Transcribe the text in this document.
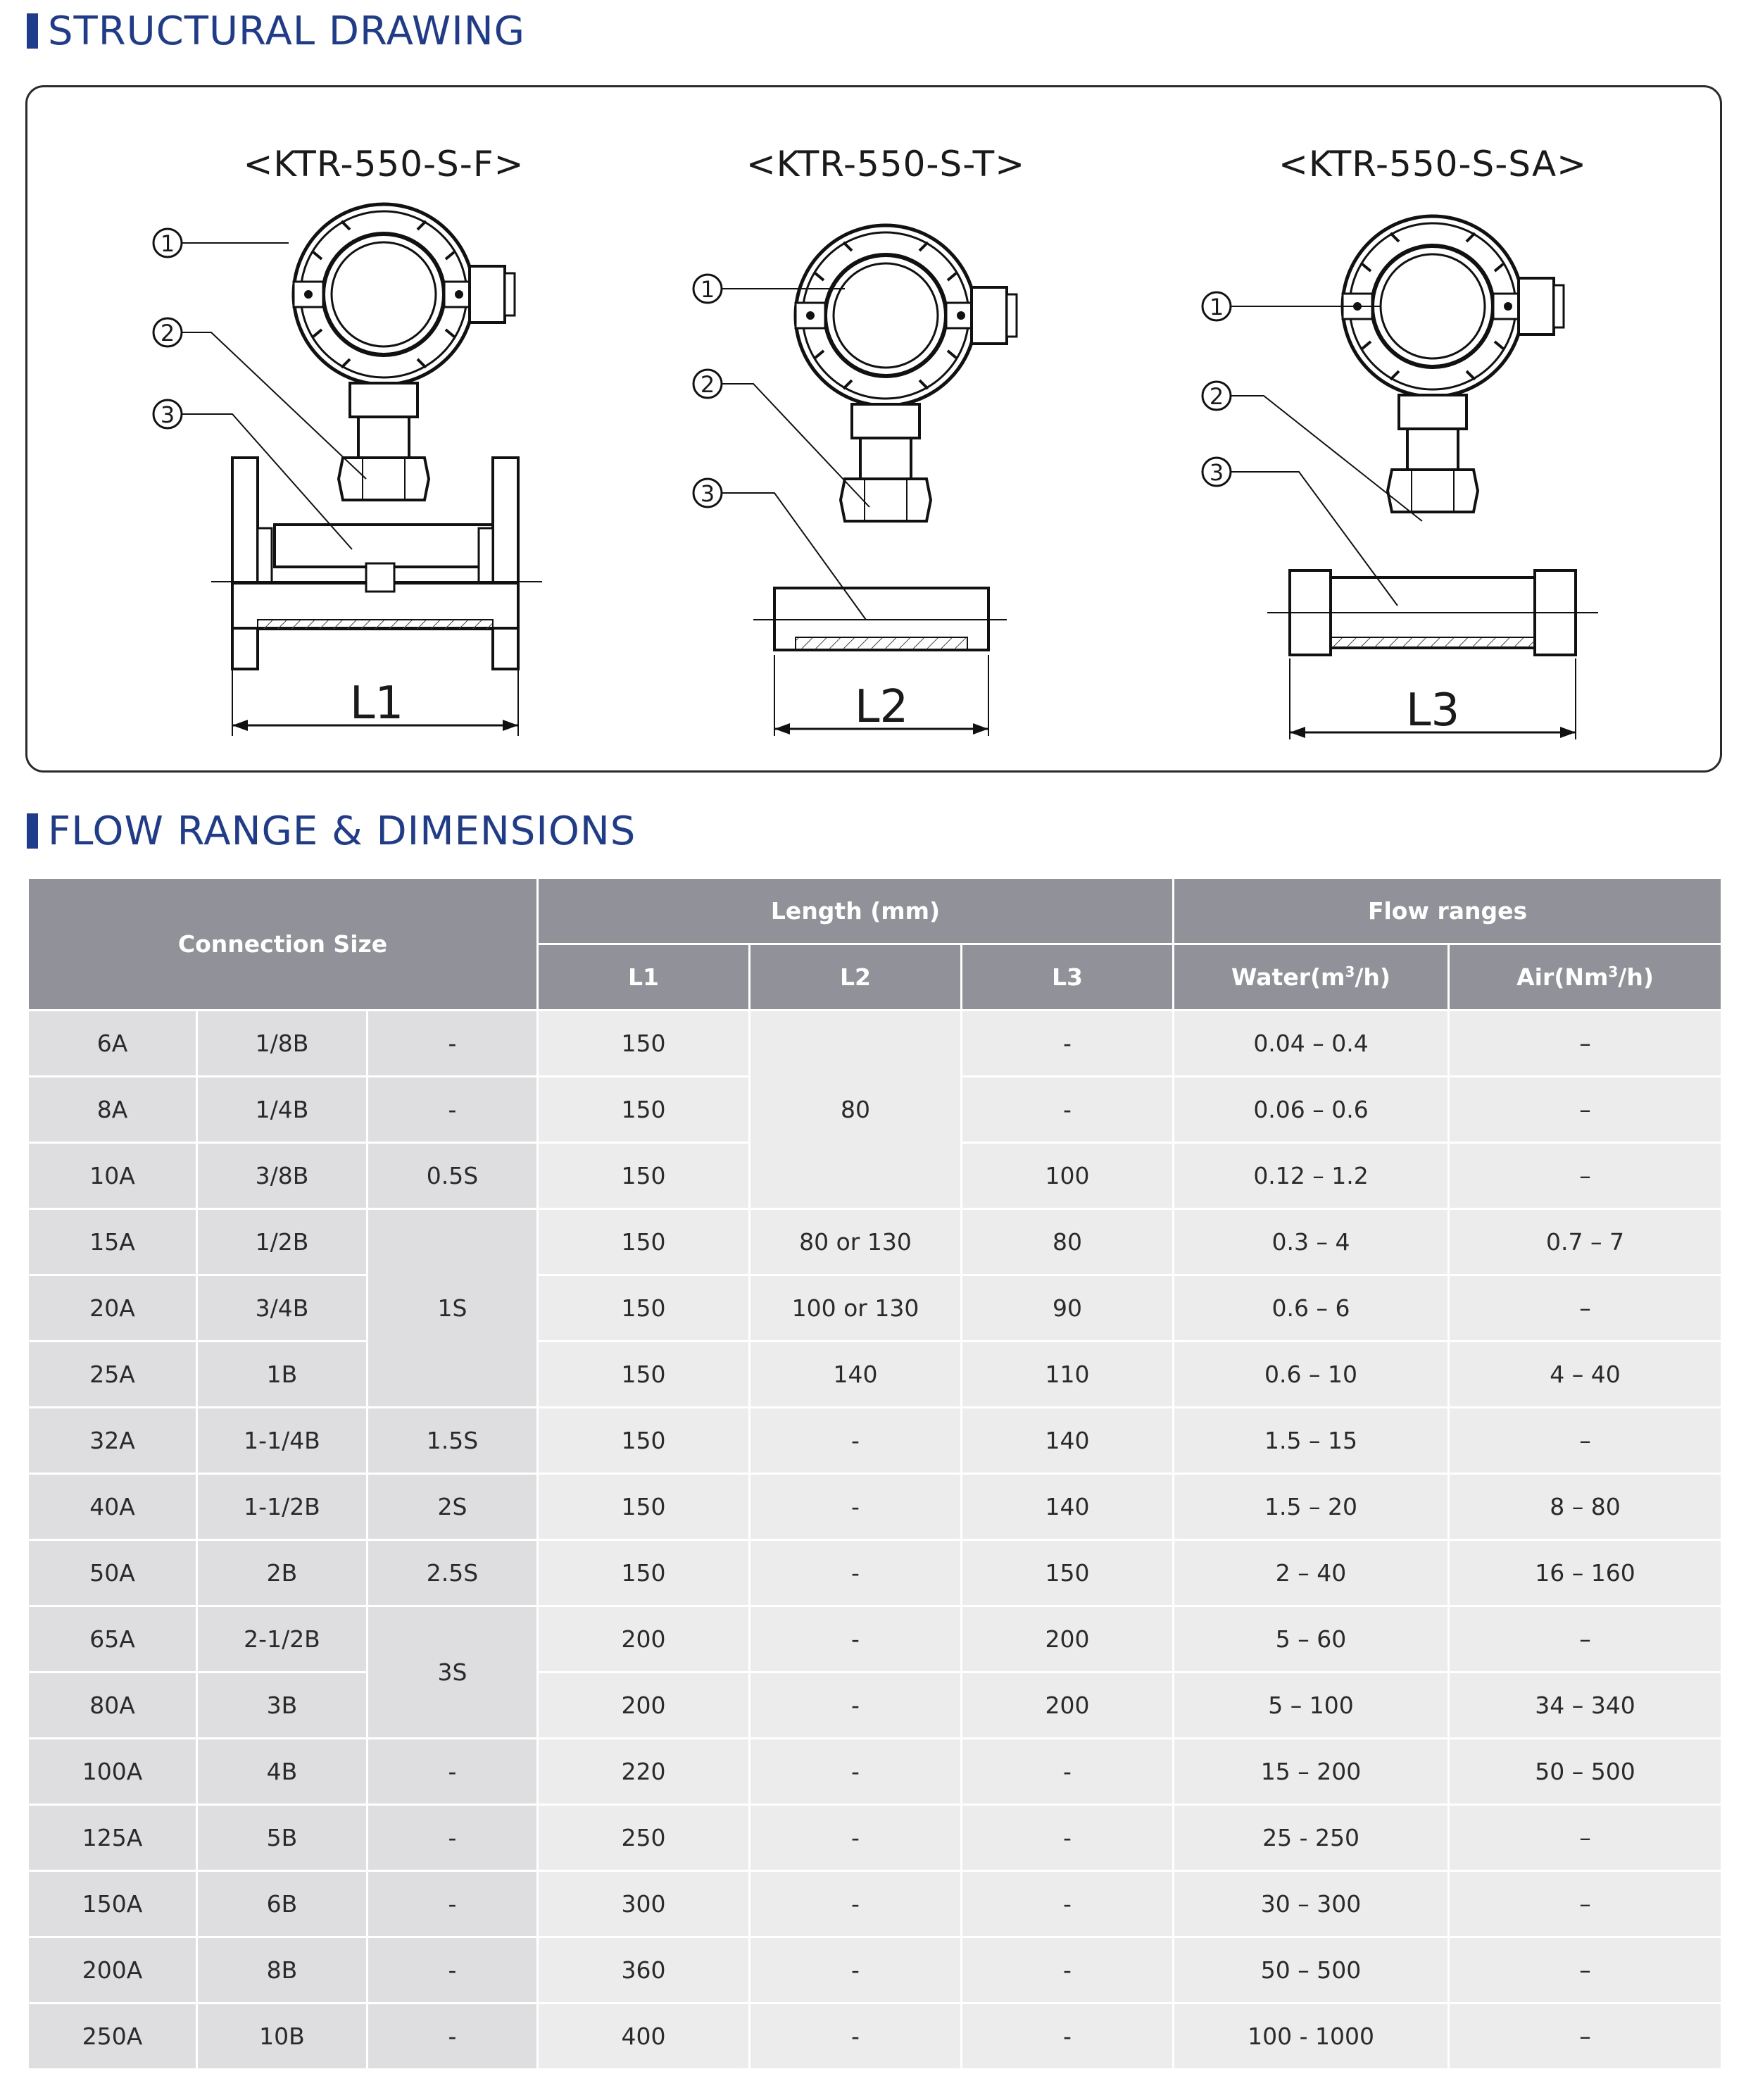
STRUCTURAL DRAWING
<KTR-550-S-F>
L1
1
2
3
<KTR-550-S-T>
L2
1
2
3
<KTR-550-S-SA>
L3
1
2
3
FLOW RANGE & DIMENSIONS
Connection Size			Length (mm)			Flow ranges	
			L1	L2	L3	$Water(m^3/h)$	Air(Nm$^3$/h)
6A	1/8B	-	150	80	-	0.04 – 0.4	–
8A	1/4B	-	150		-	0.06 – 0.6	–
10A	3/8B	0.5S	150		100	0.12 – 1.2	–
15A	1/2B	1S	150	80 or 130	80	0.3 – 4	0.7 – 7
20A	3/4B		150	100 or 130	90	0.6 – 6	–
25A	1B		150	140	110	0.6 – 10	4 – 40
32A	1-1/4B	1.5S	150	-	140	1.5 – 15	–
40A	1-1/2B	2S	150	-	140	1.5 – 20	8 – 80
50A	2B	2.5S	150	-	150	2 – 40	16 – 160
65A	2-1/2B	3S	200	-	200	5 – 60	–
80A	3B		200	-	200	5 – 100	34 – 340
100A	4B	-	220	-	-	15 – 200	50 – 500
125A	5B	-	250	-	-	25 - 250	–
150A	6B	-	300	-	-	30 – 300	–
200A	8B	-	360	-	-	50 – 500	–
250A	10B	-	400	-	-	100 - 1000	–
